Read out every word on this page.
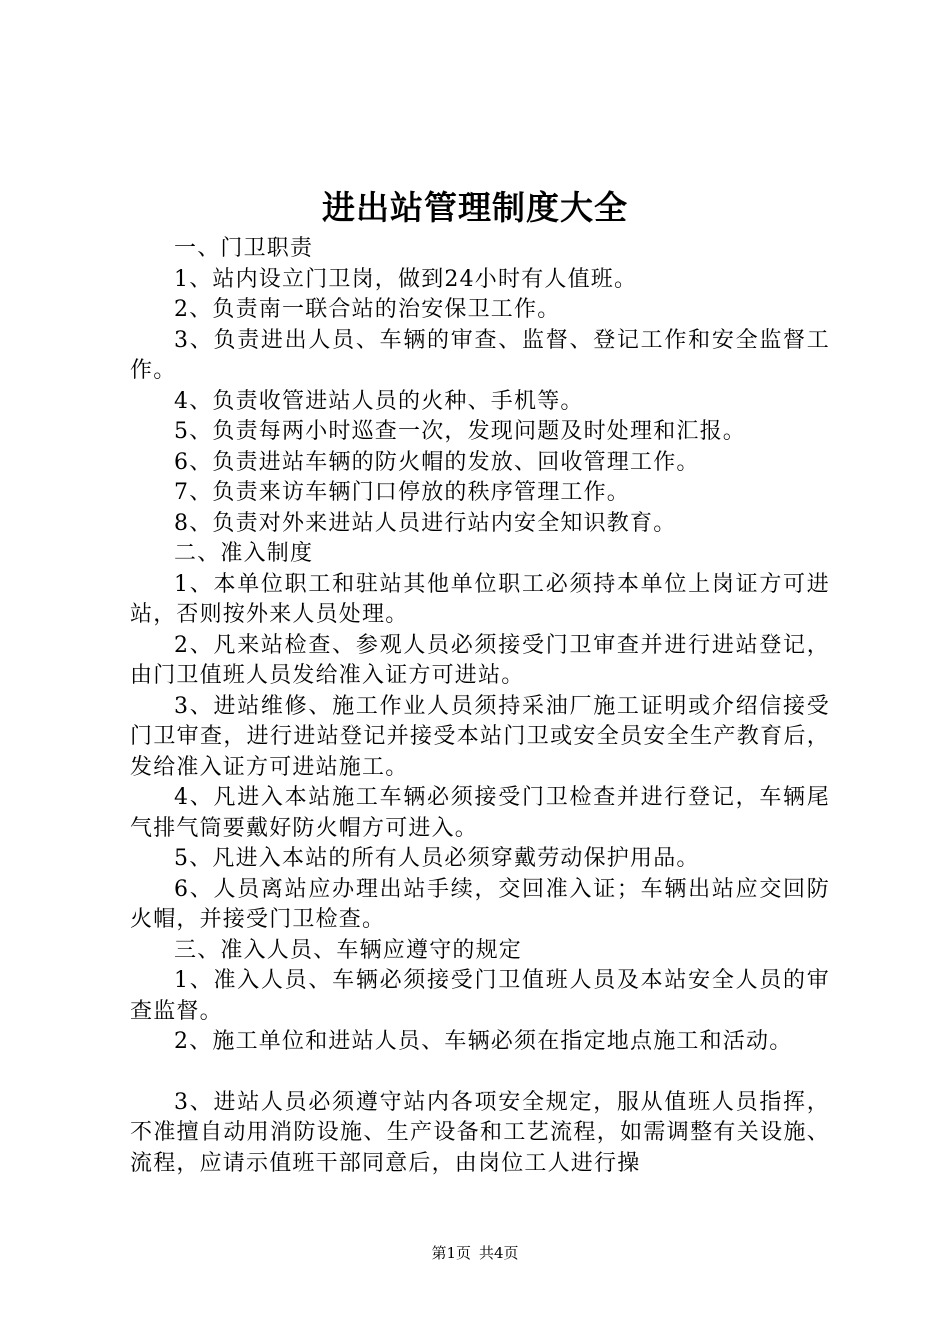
进出站管理制度大全

一、门卫职责

1、站内设立门卫岗，做到24小时有人值班。

2、负责南一联合站的治安保卫工作。

3、负责进出人员、车辆的审查、监督、登记工作和安全监督工作。

4、负责收管进站人员的火种、手机等。

5、负责每两小时巡查一次，发现问题及时处理和汇报。

6、负责进站车辆的防火帽的发放、回收管理工作。

7、负责来访车辆门口停放的秩序管理工作。

8、负责对外来进站人员进行站内安全知识教育。

二、准入制度

1、本单位职工和驻站其他单位职工必须持本单位上岗证方可进站，否则按外来人员处理。

2、凡来站检查、参观人员必须接受门卫审查并进行进站登记，由门卫值班人员发给准入证方可进站。

3、进站维修、施工作业人员须持采油厂施工证明或介绍信接受门卫审查，进行进站登记并接受本站门卫或安全员安全生产教育后，发给准入证方可进站施工。

4、凡进入本站施工车辆必须接受门卫检查并进行登记，车辆尾气排气筒要戴好防火帽方可进入。

5、凡进入本站的所有人员必须穿戴劳动保护用品。

6、人员离站应办理出站手续，交回准入证；车辆出站应交回防火帽，并接受门卫检查。

三、准入人员、车辆应遵守的规定

1、准入人员、车辆必须接受门卫值班人员及本站安全人员的审查监督。

2、施工单位和进站人员、车辆必须在指定地点施工和活动。

3、进站人员必须遵守站内各项安全规定，服从值班人员指挥，不准擅自动用消防设施、生产设备和工艺流程，如需调整有关设施、流程，应请示值班干部同意后，由岗位工人进行操

第1页 共4页
